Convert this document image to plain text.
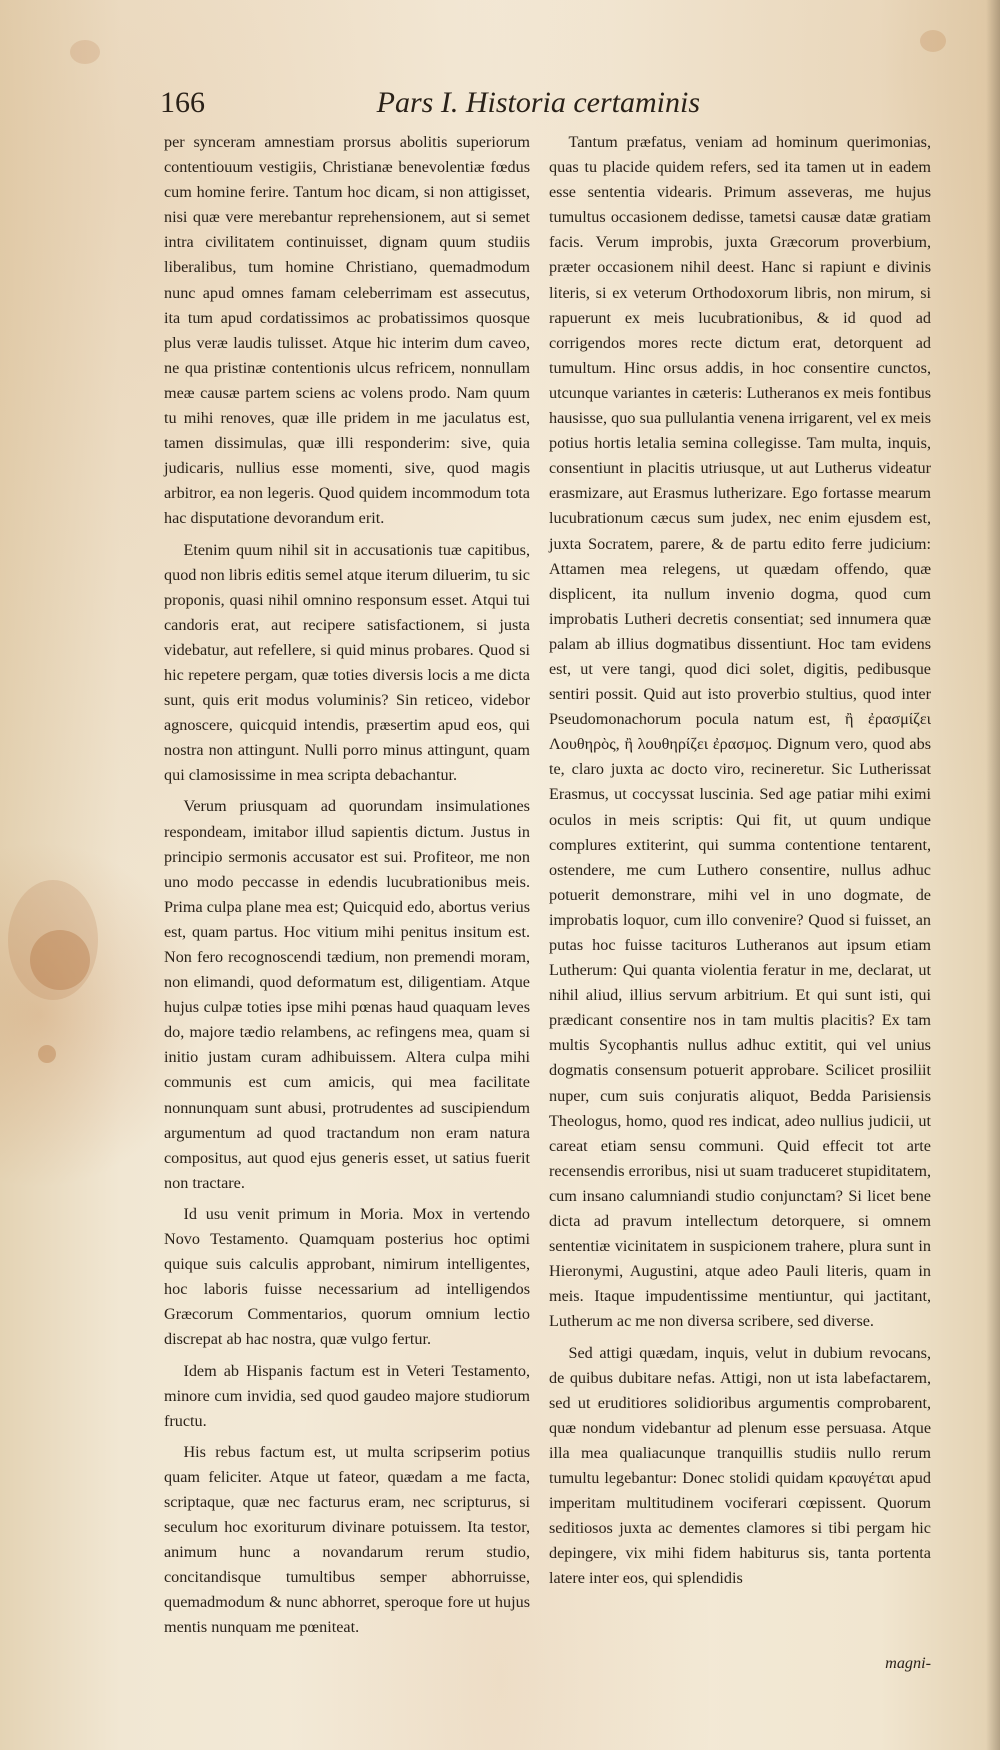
166	Pars I. Historia certaminis

per synceram amnestiam prorsus abolitis superiorum contentiouum vestigiis, Christianæ benevolentiæ fœdus cum homine ferire. Tantum hoc dicam, si non attigisset, nisi quæ vere merebantur reprehensionem, aut si semet intra civilitatem continuisset, dignam quum studiis liberalibus, tum homine Christiano, quemadmodum nunc apud omnes famam celeberrimam est assecutus, ita tum apud cordatissimos ac probatissimos quosque plus veræ laudis tulisset. Atque hic interim dum caveo, ne qua pristinæ contentionis ulcus refricem, nonnullam meæ causæ partem sciens ac volens prodo. Nam quum tu mihi renoves, quæ ille pridem in me jaculatus est, tamen dissimulas, quæ illi responderim: sive, quia judicaris, nullius esse momenti, sive, quod magis arbitror, ea non legeris. Quod quidem incommodum tota hac disputatione devorandum erit.

Etenim quum nihil sit in accusationis tuæ capitibus, quod non libris editis semel atque iterum diluerim, tu sic proponis, quasi nihil omnino responsum esset. Atqui tui candoris erat, aut recipere satisfactionem, si justa videbatur, aut refellere, si quid minus probares. Quod si hic repetere pergam, quæ toties diversis locis a me dicta sunt, quis erit modus voluminis? Sin reticeo, videbor agnoscere, quicquid intendis, præsertim apud eos, qui nostra non attingunt. Nulli porro minus attingunt, quam qui clamosissime in mea scripta debachantur.

Verum priusquam ad quorundam insimulationes respondeam, imitabor illud sapientis dictum. Justus in principio sermonis accusator est sui. Profiteor, me non uno modo peccasse in edendis lucubrationibus meis. Prima culpa plane mea est; Quicquid edo, abortus verius est, quam partus. Hoc vitium mihi penitus insitum est. Non fero recognoscendi tædium, non premendi moram, non elimandi, quod deformatum est, diligentiam. Atque hujus culpæ toties ipse mihi pœnas haud quaquam leves do, majore tædio relambens, ac refingens mea, quam si initio justam curam adhibuissem. Altera culpa mihi communis est cum amicis, qui mea facilitate nonnunquam sunt abusi, protrudentes ad suscipiendum argumentum ad quod tractandum non eram natura compositus, aut quod ejus generis esset, ut satius fuerit non tractare.

Id usu venit primum in Moria. Mox in vertendo Novo Testamento. Quamquam posterius hoc optimi quique suis calculis approbant, nimirum intelligentes, hoc laboris fuisse necessarium ad intelligendos Græcorum Commentarios, quorum omnium lectio discrepat ab hac nostra, quæ vulgo fertur.

Idem ab Hispanis factum est in Veteri Testamento, minore cum invidia, sed quod gaudeo majore studiorum fructu.

His rebus factum est, ut multa scripserim potius quam feliciter. Atque ut fateor, quædam a me facta, scriptaque, quæ nec facturus eram, nec scripturus, si seculum hoc exoriturum divinare potuissem. Ita testor, animum hunc a novandarum rerum studio, concitandisque tumultibus semper abhorruisse, quemadmodum & nunc abhorret, speroque fore ut hujus mentis nunquam me pœniteat.

Tantum præfatus, veniam ad hominum querimonias, quas tu placide quidem refers, sed ita tamen ut in eadem esse sententia videaris. Primum asseveras, me hujus tumultus occasionem dedisse, tametsi causæ datæ gratiam facis. Verum improbis, juxta Græcorum proverbium, præter occasionem nihil deest. Hanc si rapiunt e divinis literis, si ex veterum Orthodoxorum libris, non mirum, si rapuerunt ex meis lucubrationibus, & id quod ad corrigendos mores recte dictum erat, detorquent ad tumultum. Hinc orsus addis, in hoc consentire cunctos, utcunque variantes in cæteris: Lutheranos ex meis fontibus hausisse, quo sua pullulantia venena irrigarent, vel ex meis potius hortis letalia semina collegisse. Tam multa, inquis, consentiunt in placitis utriusque, ut aut Lutherus videatur erasmizare, aut Erasmus lutherizare. Ego fortasse mearum lucubrationum cæcus sum judex, nec enim ejusdem est, juxta Socratem, parere, & de partu edito ferre judicium: Attamen mea relegens, ut quædam offendo, quæ displicent, ita nullum invenio dogma, quod cum improbatis Lutheri decretis consentiat; sed innumera quæ palam ab illius dogmatibus dissentiunt. Hoc tam evidens est, ut vere tangi, quod dici solet, digitis, pedibusque sentiri possit. Quid aut isto proverbio stultius, quod inter Pseudomonachorum pocula natum est, ἢ ἐρασμίζει Λουθηρὸς, ἢ λουθηρίζει ἐρασμος. Dignum vero, quod abs te, claro juxta ac docto viro, recineretur. Sic Lutherissat Erasmus, ut coccyssat luscinia. Sed age patiar mihi eximi oculos in meis scriptis: Qui fit, ut quum undique complures extiterint, qui summa contentione tentarent, ostendere, me cum Luthero consentire, nullus adhuc potuerit demonstrare, mihi vel in uno dogmate, de improbatis loquor, cum illo convenire? Quod si fuisset, an putas hoc fuisse tacituros Lutheranos aut ipsum etiam Lutherum: Qui quanta violentia feratur in me, declarat, ut nihil aliud, illius servum arbitrium. Et qui sunt isti, qui prædicant consentire nos in tam multis placitis? Ex tam multis Sycophantis nullus adhuc extitit, qui vel unius dogmatis consensum potuerit approbare. Scilicet prosiliit nuper, cum suis conjuratis aliquot, Bedda Parisiensis Theologus, homo, quod res indicat, adeo nullius judicii, ut careat etiam sensu communi. Quid effecit tot arte recensendis erroribus, nisi ut suam traduceret stupiditatem, cum insano calumniandi studio conjunctam? Si licet bene dicta ad pravum intellectum detorquere, si omnem sententiæ vicinitatem in suspicionem trahere, plura sunt in Hieronymi, Augustini, atque adeo Pauli literis, quam in meis. Itaque impudentissime mentiuntur, qui jactitant, Lutherum ac me non diversa scribere, sed diverse.

Sed attigi quædam, inquis, velut in dubium revocans, de quibus dubitare nefas. Attigi, non ut ista labefactarem, sed ut eruditiores solidioribus argumentis comprobarent, quæ nondum videbantur ad plenum esse persuasa. Atque illa mea qualiacunque tranquillis studiis nullo rerum tumultu legebantur: Donec stolidi quidam κραυγέται apud imperitam multitudinem vociferari cœpissent. Quorum seditiosos juxta ac dementes clamores si tibi pergam hic depingere, vix mihi fidem habiturus sis, tanta portenta latere inter eos, qui splendidis

magni-
